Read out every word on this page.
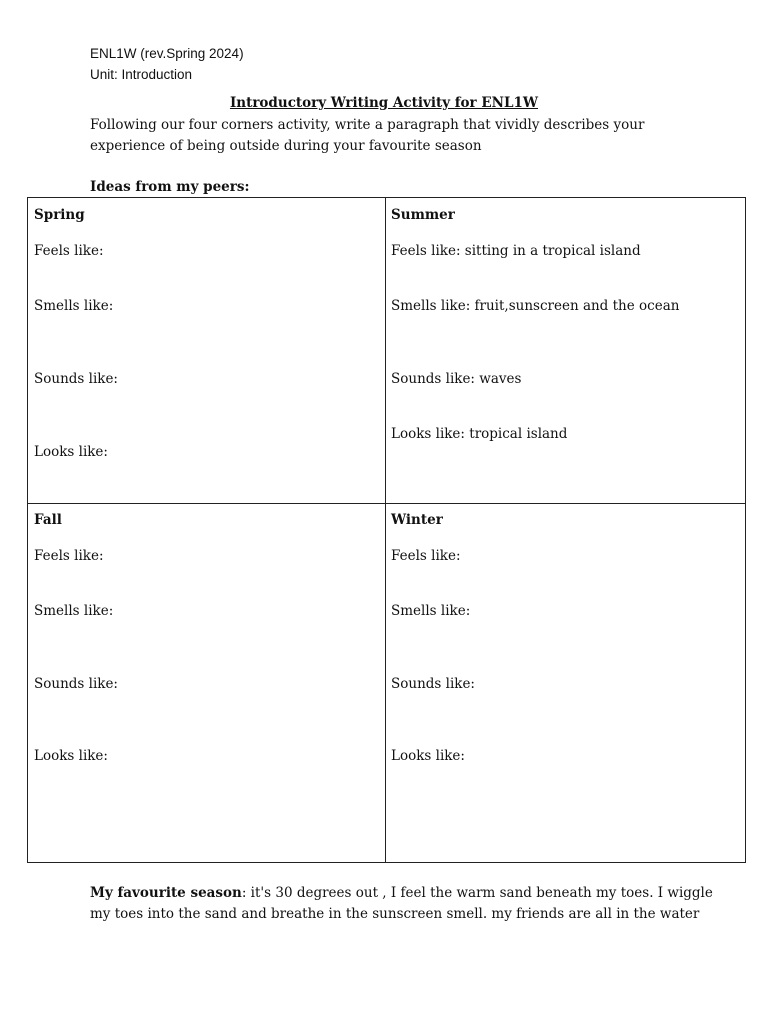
ENL1W (rev.Spring 2024)
Unit: Introduction
Introductory Writing Activity for ENL1W
Following our four corners activity, write a paragraph that vividly describes your
experience of being outside during your favourite season
Ideas from my peers:
Spring
Feels like:
Smells like:
Sounds like:
Looks like:
Summer
Feels like: sitting in a tropical island
Smells like: fruit,sunscreen and the ocean
Sounds like: waves
Looks like: tropical island
Fall
Feels like:
Smells like:
Sounds like:
Looks like:
Winter
Feels like:
Smells like:
Sounds like:
Looks like:
My favourite season: it's 30 degrees out , I feel the warm sand beneath my toes. I wiggle
my toes into the sand and breathe in the sunscreen smell. my friends are all in the water
